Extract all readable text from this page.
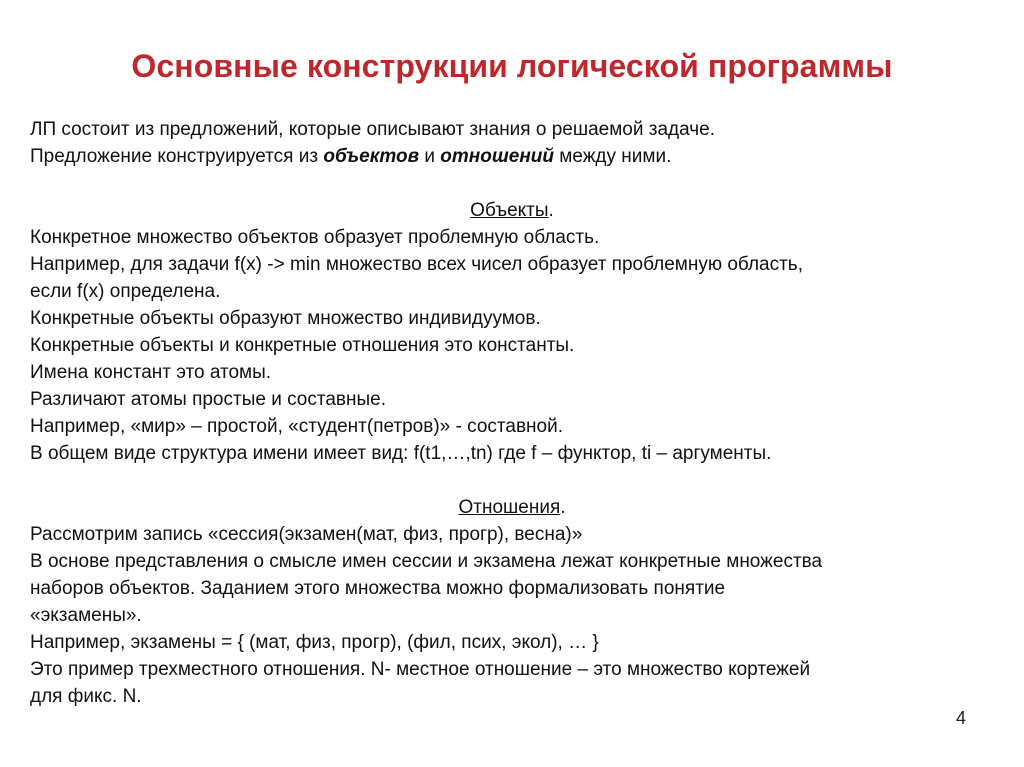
Основные конструкции логической программы
ЛП состоит из предложений, которые описывают знания о решаемой задаче.
Предложение конструируется из объектов и отношений между ними.
Объекты.
Конкретное множество объектов образует проблемную область.
Например, для задачи f(x) -> min множество всех чисел образует проблемную область,
если f(x) определена.
Конкретные объекты образуют множество индивидуумов.
Конкретные объекты и конкретные отношения это константы.
Имена констант это атомы.
Различают атомы простые и составные.
Например, «мир» – простой, «студент(петров)» - составной.
В общем виде структура имени имеет вид: f(t1,…,tn) где f – функтор, ti – аргументы.
Отношения.
Рассмотрим запись «сессия(экзамен(мат, физ, прогр), весна)»
В основе представления о смысле имен сессии и экзамена лежат конкретные множества
наборов объектов. Заданием этого множества можно формализовать понятие
«экзамены».
Например, экзамены = { (мат, физ, прогр), (фил, псих, экол), … }
Это пример трехместного отношения. N- местное отношение – это множество кортежей
для фикс. N.
4
